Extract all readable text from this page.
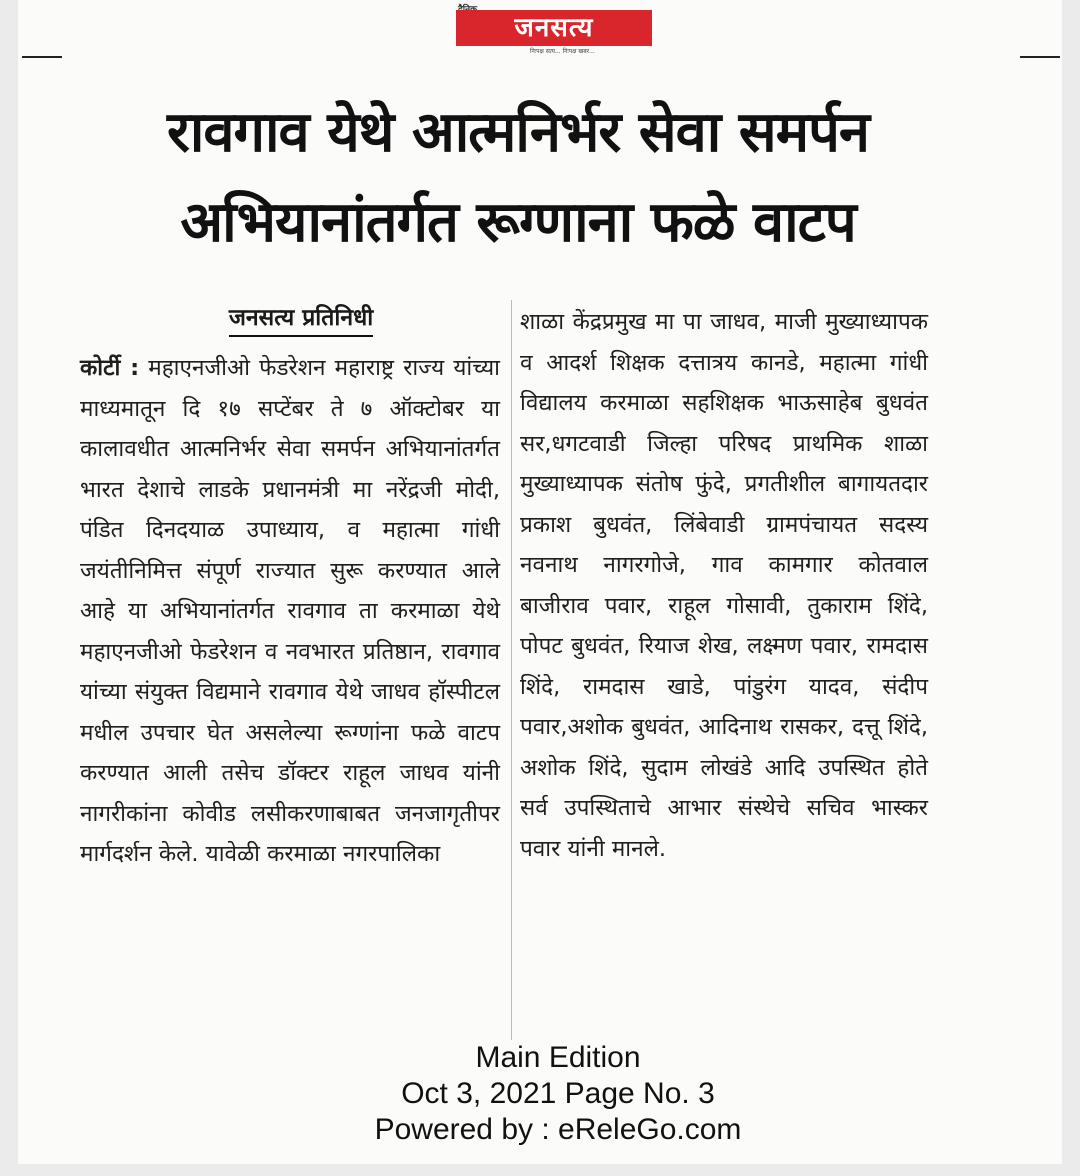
जनसत्य
निःपक्ष सत्य... निःपक्ष खबर...
रावगाव येथे आत्मनिर्भर सेवा समर्पन
अभियानांतर्गत रूग्णाना फळे वाटप
जनसत्य प्रतिनिधी
कोर्टी : महाएनजीओ फेडरेशन महाराष्ट्र राज्य यांच्या माध्यमातून दि १७ सप्टेंबर ते ७ ऑक्टोबर या कालावधीत आत्मनिर्भर सेवा समर्पन अभियानांतर्गत भारत देशाचे लाडके प्रधानमंत्री मा नरेंद्रजी मोदी, पंडित दिनदयाळ उपाध्याय, व महात्मा गांधी जयंतीनिमित्त संपूर्ण राज्यात सुरू करण्यात आले आहे या अभियानांतर्गत रावगाव ता करमाळा येथे महाएनजीओ फेडरेशन व नवभारत प्रतिष्ठान, रावगाव यांच्या संयुक्त विद्यमाने रावगाव येथे जाधव हॉस्पीटल मधील उपचार घेत असलेल्या रूग्णांना फळे वाटप करण्यात आली तसेच डॉक्टर राहूल जाधव यांनी नागरीकांना कोवीड लसीकरणाबाबत जनजागृतीपर मार्गदर्शन केले. यावेळी करमाळा नगरपालिका
शाळा केंद्रप्रमुख मा पा जाधव, माजी मुख्याध्यापक व आदर्श शिक्षक दत्तात्रय कानडे, महात्मा गांधी विद्यालय करमाळा सहशिक्षक भाऊसाहेब बुधवंत सर,धगटवाडी जिल्हा परिषद प्राथमिक शाळा मुख्याध्यापक संतोष फुंदे, प्रगतीशील बागायतदार प्रकाश बुधवंत, लिंबेवाडी ग्रामपंचायत सदस्य नवनाथ नागरगोजे, गाव कामगार कोतवाल बाजीराव पवार, राहूल गोसावी, तुकाराम शिंदे, पोपट बुधवंत, रियाज शेख, लक्ष्मण पवार, रामदास शिंदे, रामदास खाडे, पांडुरंग यादव, संदीप पवार,अशोक बुधवंत, आदिनाथ रासकर, दत्तू शिंदे, अशोक शिंदे, सुदाम लोखंडे आदि उपस्थित होते सर्व उपस्थिताचे आभार संस्थेचे सचिव भास्कर पवार यांनी मानले.
Main Edition
Oct 3, 2021 Page No. 3
Powered by : eReleGo.com
